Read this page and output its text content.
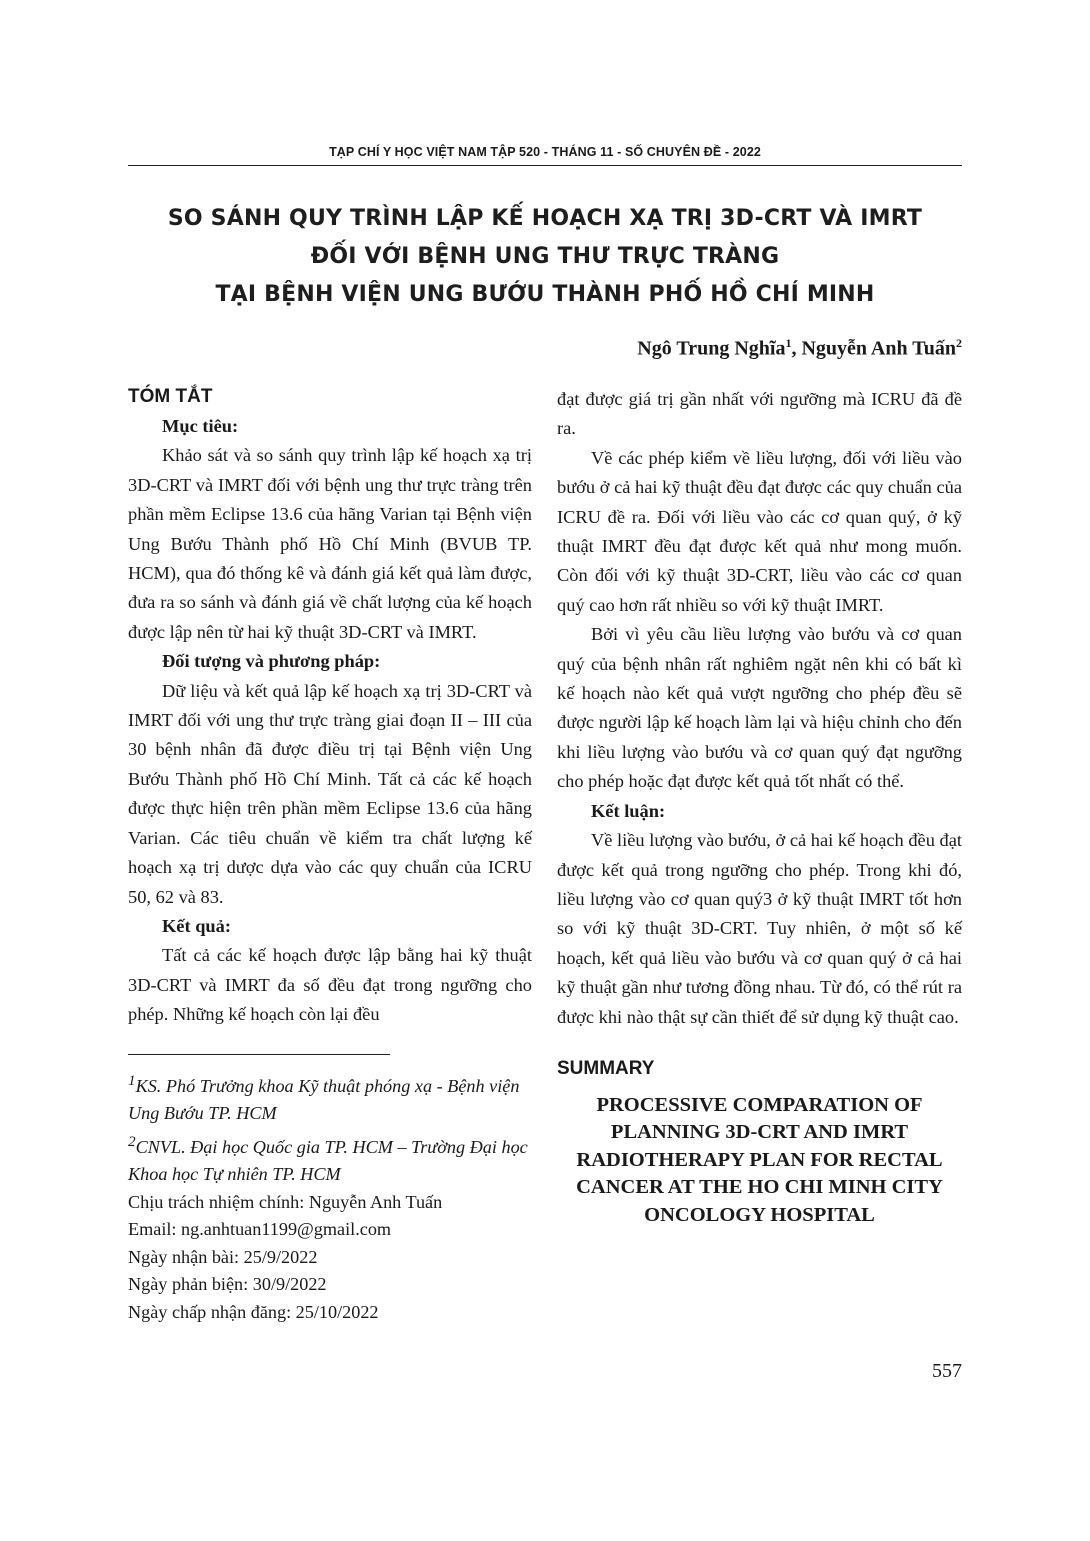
TẠP CHÍ Y HỌC VIỆT NAM TẬP 520 - THÁNG 11 - SỐ CHUYÊN ĐỀ - 2022
SO SÁNH QUY TRÌNH LẬP KẾ HOẠCH XẠ TRỊ 3D-CRT VÀ IMRT
ĐỐI VỚI BỆNH UNG THƯ TRỰC TRÀNG
TẠI BỆNH VIỆN UNG BƯỚU THÀNH PHỐ HỒ CHÍ MINH
Ngô Trung Nghĩa$^1$, Nguyễn Anh Tuấn$^2$

TÓM TẮT

Mục tiêu:

Khảo sát và so sánh quy trình lập kế hoạch xạ trị 3D-CRT và IMRT đối với bệnh ung thư trực tràng trên phần mềm Eclipse 13.6 của hãng Varian tại Bệnh viện Ung Bướu Thành phố Hồ Chí Minh (BVUB TP. HCM), qua đó thống kê và đánh giá kết quả làm được, đưa ra so sánh và đánh giá về chất lượng của kế hoạch được lập nên từ hai kỹ thuật 3D-CRT và IMRT.

Đối tượng và phương pháp:

Dữ liệu và kết quả lập kế hoạch xạ trị 3D-CRT và IMRT đối với ung thư trực tràng giai đoạn II – III của 30 bệnh nhân đã được điều trị tại Bệnh viện Ung Bướu Thành phố Hồ Chí Minh. Tất cả các kế hoạch được thực hiện trên phần mềm Eclipse 13.6 của hãng Varian. Các tiêu chuẩn về kiểm tra chất lượng kế hoạch xạ trị dược dựa vào các quy chuẩn của ICRU 50, 62 và 83.

Kết quả:

Tất cả các kế hoạch được lập bằng hai kỹ thuật 3D-CRT và IMRT đa số đều đạt trong ngưỡng cho phép. Những kế hoạch còn lại đều

$^1$KS. Phó Trưởng khoa Kỹ thuật phóng xạ - Bệnh viện Ung Bướu TP. HCM

$^2$CNVL. Đại học Quốc gia TP. HCM – Trường Đại học Khoa học Tự nhiên TP. HCM

Chịu trách nhiệm chính: Nguyễn Anh Tuấn

Email: ng.anhtuan1199@gmail.com

Ngày nhận bài: 25/9/2022

Ngày phản biện: 30/9/2022

Ngày chấp nhận đăng: 25/10/2022

đạt được giá trị gần nhất với ngưỡng mà ICRU đã đề ra.

Về các phép kiểm về liều lượng, đối với liều vào bướu ở cả hai kỹ thuật đều đạt được các quy chuẩn của ICRU đề ra. Đối với liều vào các cơ quan quý, ở kỹ thuật IMRT đều đạt được kết quả như mong muốn. Còn đối với kỹ thuật 3D-CRT, liều vào các cơ quan quý cao hơn rất nhiều so với kỹ thuật IMRT.

Bởi vì yêu cầu liều lượng vào bướu và cơ quan quý của bệnh nhân rất nghiêm ngặt nên khi có bất kì kế hoạch nào kết quả vượt ngưỡng cho phép đều sẽ được người lập kế hoạch làm lại và hiệu chỉnh cho đến khi liều lượng vào bướu và cơ quan quý đạt ngưỡng cho phép hoặc đạt được kết quả tốt nhất có thể.

Kết luận:

Về liều lượng vào bướu, ở cả hai kế hoạch đều đạt được kết quả trong ngưỡng cho phép. Trong khi đó, liều lượng vào cơ quan quý3 ở kỹ thuật IMRT tốt hơn so với kỹ thuật 3D-CRT. Tuy nhiên, ở một số kế hoạch, kết quả liều vào bướu và cơ quan quý ở cả hai kỹ thuật gần như tương đồng nhau. Từ đó, có thể rút ra được khi nào thật sự cần thiết để sử dụng kỹ thuật cao.

SUMMARY

PROCESSIVE COMPARATION OF
PLANNING 3D-CRT AND IMRT
RADIOTHERAPY PLAN FOR RECTAL
CANCER AT THE HO CHI MINH CITY
ONCOLOGY HOSPITAL
557
